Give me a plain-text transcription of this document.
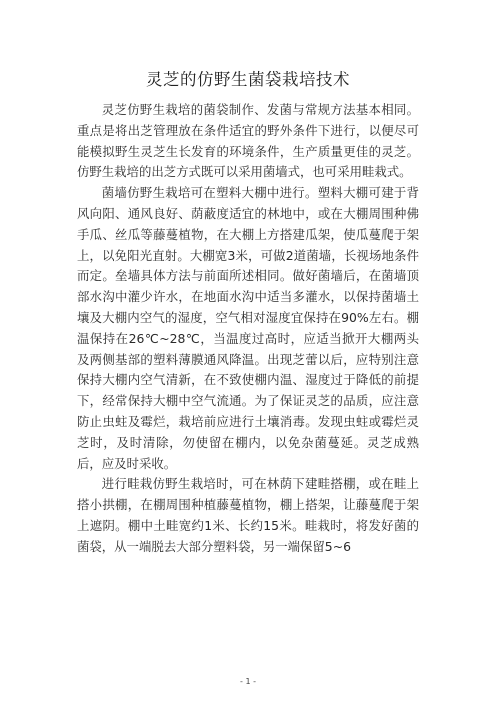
灵芝的仿野生菌袋栽培技术

灵芝仿野生栽培的菌袋制作、发菌与常规方法基本相同。重点是将出芝管理放在条件适宜的野外条件下进行，以便尽可能模拟野生灵芝生长发育的环境条件，生产质量更佳的灵芝。仿野生栽培的出芝方式既可以采用菌墙式，也可采用畦栽式。

菌墙仿野生栽培可在塑料大棚中进行。塑料大棚可建于背风向阳、通风良好、荫蔽度适宜的林地中，或在大棚周围种佛手瓜、丝瓜等藤蔓植物，在大棚上方搭建瓜架，使瓜蔓爬于架上，以免阳光直射。大棚宽3米，可做2道菌墙，长视场地条件而定。垒墙具体方法与前面所述相同。做好菌墙后，在菌墙顶部水沟中灌少许水，在地面水沟中适当多灌水，以保持菌墙土壤及大棚内空气的湿度，空气相对湿度宜保持在90%左右。棚温保持在26℃~28℃，当温度过高时，应适当掀开大棚两头及两侧基部的塑料薄膜通风降温。出现芝蕾以后，应特别注意保持大棚内空气清新，在不致使棚内温、湿度过于降低的前提下，经常保持大棚中空气流通。为了保证灵芝的品质，应注意防止虫蛀及霉烂，栽培前应进行土壤消毒。发现虫蛀或霉烂灵芝时，及时清除，勿使留在棚内，以免杂菌蔓延。灵芝成熟后，应及时采收。

进行畦栽仿野生栽培时，可在林荫下建畦搭棚，或在畦上搭小拱棚，在棚周围种植藤蔓植物，棚上搭架，让藤蔓爬于架上遮阴。棚中土畦宽约1米、长约15米。畦栽时，将发好菌的菌袋，从一端脱去大部分塑料袋，另一端保留5~6

- 1 -
